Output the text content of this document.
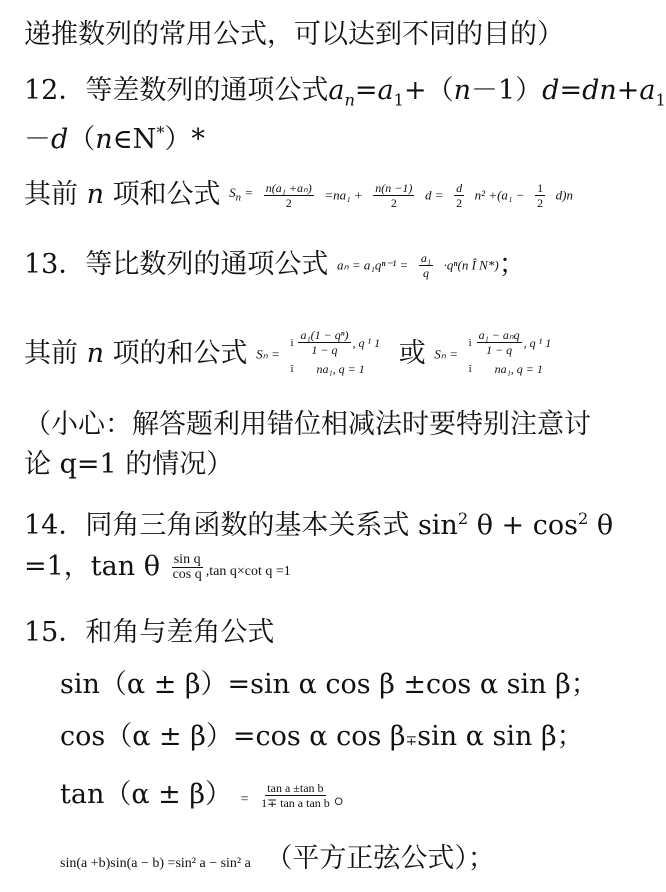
递推数列的常用公式，可以达到不同的目的）
12．等差数列的通项公式$a_n=a_1+(n-1)d=dn+a_1$
－d（n∈N*）*
其前 n 项和公式 $S_n = \frac{\text{n(a₁ +aₙ)}}{2} =na_1 + \frac{n(n -1)}{2}$ $d = \frac{d}{2} n^2 +(a_1 - \frac{1}{2} d)n$
13．等比数列的通项公式 $a_n = a_1q^{n-1} = \frac{\text{a₁}}{q} \cdot q^n(n$ Î N*)；
其前 n 项的和公式 Sₙ =
ì $\frac{\text{a₁(1 − qⁿ)}}{1 - q}$ , q ¹ 1
î na₁, q = 1 或 Sₙ =
ì $\frac{\text{a₁ − aₙq}}{1 - q}$ , q ¹ 1
î na₁, q = 1
（小心：解答题利用错位相减法时要特别注意讨
论 q=1 的情况）
14．同角三角函数的基本关系式 $\sin^2 \theta + \cos^2 \theta$
=1，tan θ $\frac{\text{sin q}}{\text{cos q}} ,\tan$ q×cot q =1
15．和角与差角公式
sin（α ± β）=sin α cos β ±cos α sin β；
cos（α ± β）=cos α cos β∓sin α sin β；
$\tan(\alpha \pm \beta) = \frac{\text{tan a ±tan b}}{\text{1∓ tan a tan b}}$ 。
sin(a +b)sin(a − b) =sin² a − sin² a （平方正弦公式）；
